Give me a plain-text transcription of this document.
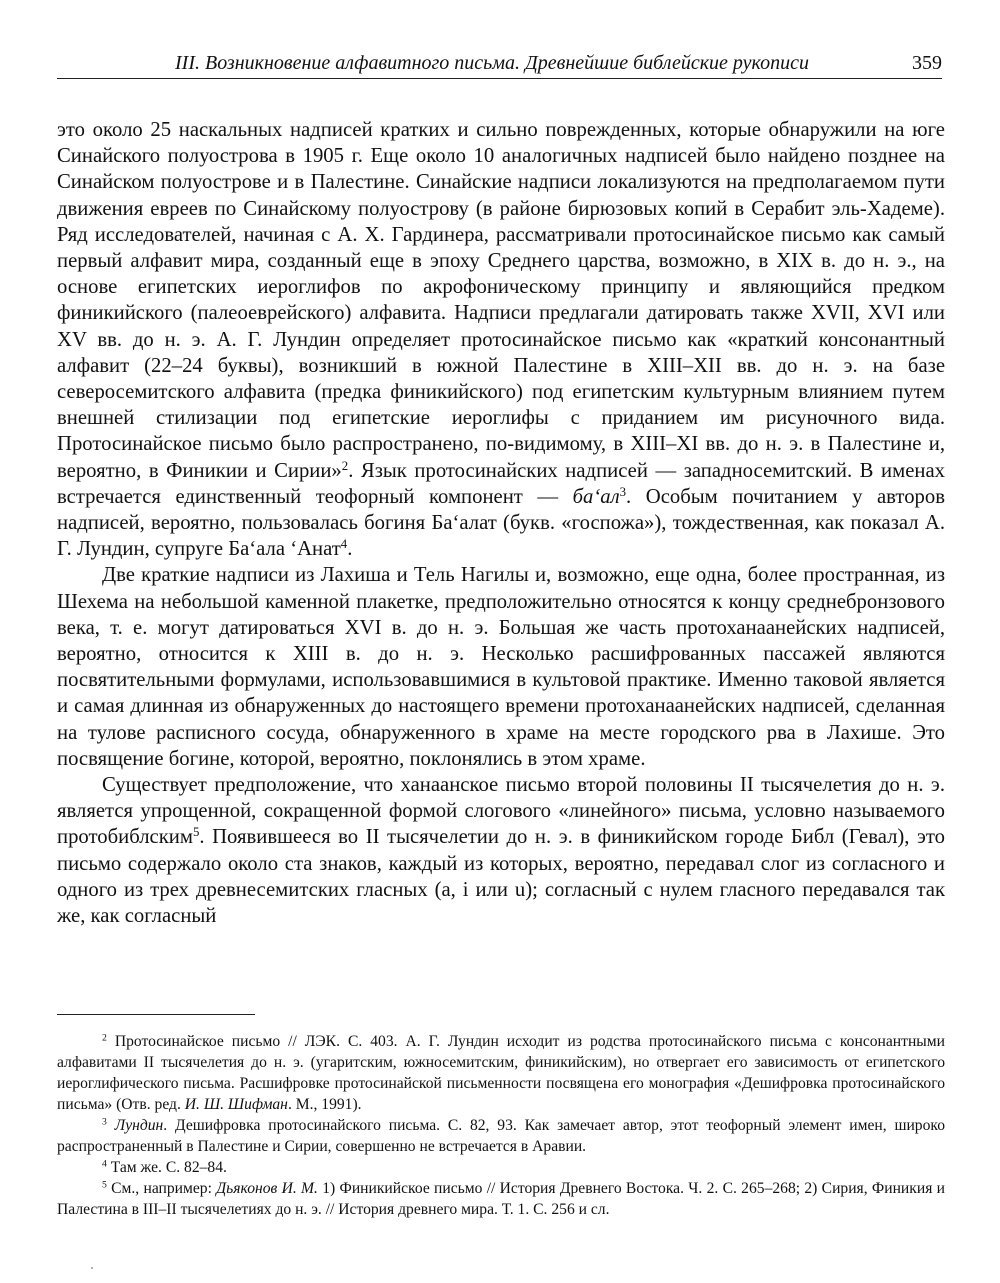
III. Возникновение алфавитного письма. Древнейшие библейские рукописи	359

это около 25 наскальных надписей кратких и сильно поврежденных, которые обнаружили на юге Синайского полуострова в 1905 г. Еще около 10 аналогичных надписей было найдено позднее на Синайском полуострове и в Палестине. Синайские надписи локализуются на предполагаемом пути движения евреев по Синайскому полуострову (в районе бирюзовых копий в Серабит эль-Хадеме). Ряд исследователей, начиная с А. Х. Гардинера, рассматривали протосинайское письмо как самый первый алфавит мира, созданный еще в эпоху Среднего царства, возможно, в XIX в. до н. э., на основе египетских иероглифов по акрофоническому принципу и являющийся предком финикийского (палеоеврейского) алфавита. Надписи предлагали датировать также XVII, XVI или XV вв. до н. э. А. Г. Лундин определяет протосинайское письмо как «краткий консонантный алфавит (22–24 буквы), возникший в южной Палестине в XIII–XII вв. до н. э. на базе северосемитского алфавита (предка финикийского) под египетским культурным влиянием путем внешней стилизации под египетские иероглифы с приданием им рисуночного вида. Протосинайское письмо было распространено, по-видимому, в XIII–XI вв. до н. э. в Палестине и, вероятно, в Финикии и Сирии»$^2$. Язык протосинайских надписей — западносемитский. В именах встречается единственный теофорный компонент — $ба‘ал^3$. Особым почитанием у авторов надписей, вероятно, пользовалась богиня Ба‘алат (букв. «госпожа»), тождественная, как показал А. Г. Лундин, супруге Ба‘ала ‘Анат$^4$.

Две краткие надписи из Лахиша и Тель Нагилы и, возможно, еще одна, более пространная, из Шехема на небольшой каменной плакетке, предположительно относятся к концу среднебронзового века, т. е. могут датироваться XVI в. до н. э. Большая же часть протоханаанейских надписей, вероятно, относится к XIII в. до н. э. Несколько расшифрованных пассажей являются посвятительными формулами, использовавшимися в культовой практике. Именно таковой является и самая длинная из обнаруженных до настоящего времени протоханаанейских надписей, сделанная на тулове расписного сосуда, обнаруженного в храме на месте городского рва в Лахише. Это посвящение богине, которой, вероятно, поклонялись в этом храме.

Существует предположение, что ханаанское письмо второй половины II тысячелетия до н. э. является упрощенной, сокращенной формой слогового «линейного» письма, условно называемого протобиблским$^5$. Появившееся во II тысячелетии до н. э. в финикийском городе Библ (Гевал), это письмо содержало около ста знаков, каждый из которых, вероятно, передавал слог из согласного и одного из трех древнесемитских гласных (a, i или u); согласный с нулем гласного передавался так же, как согласный

$^2$ Протосинайское письмо // ЛЭК. С. 403. А. Г. Лундин исходит из родства протосинайского письма с консонантными алфавитами II тысячелетия до н. э. (угаритским, южносемитским, финикийским), но отвергает его зависимость от египетского иероглифического письма. Расшифровке протосинайской письменности посвящена его монография «Дешифровка протосинайского письма» (Отв. ред. И. Ш. Шифман. М., 1991).

$^3$ Лундин. Дешифровка протосинайского письма. С. 82, 93. Как замечает автор, этот теофорный элемент имен, широко распространенный в Палестине и Сирии, совершенно не встречается в Аравии.

$^4$ Там же. С. 82–84.

$^5$ См., например: Дьяконов И. М. 1) Финикийское письмо // История Древнего Востока. Ч. 2. С. 265–268; 2) Сирия, Финикия и Палестина в III–II тысячелетиях до н. э. // История древнего мира. Т. 1. С. 256 и сл.
